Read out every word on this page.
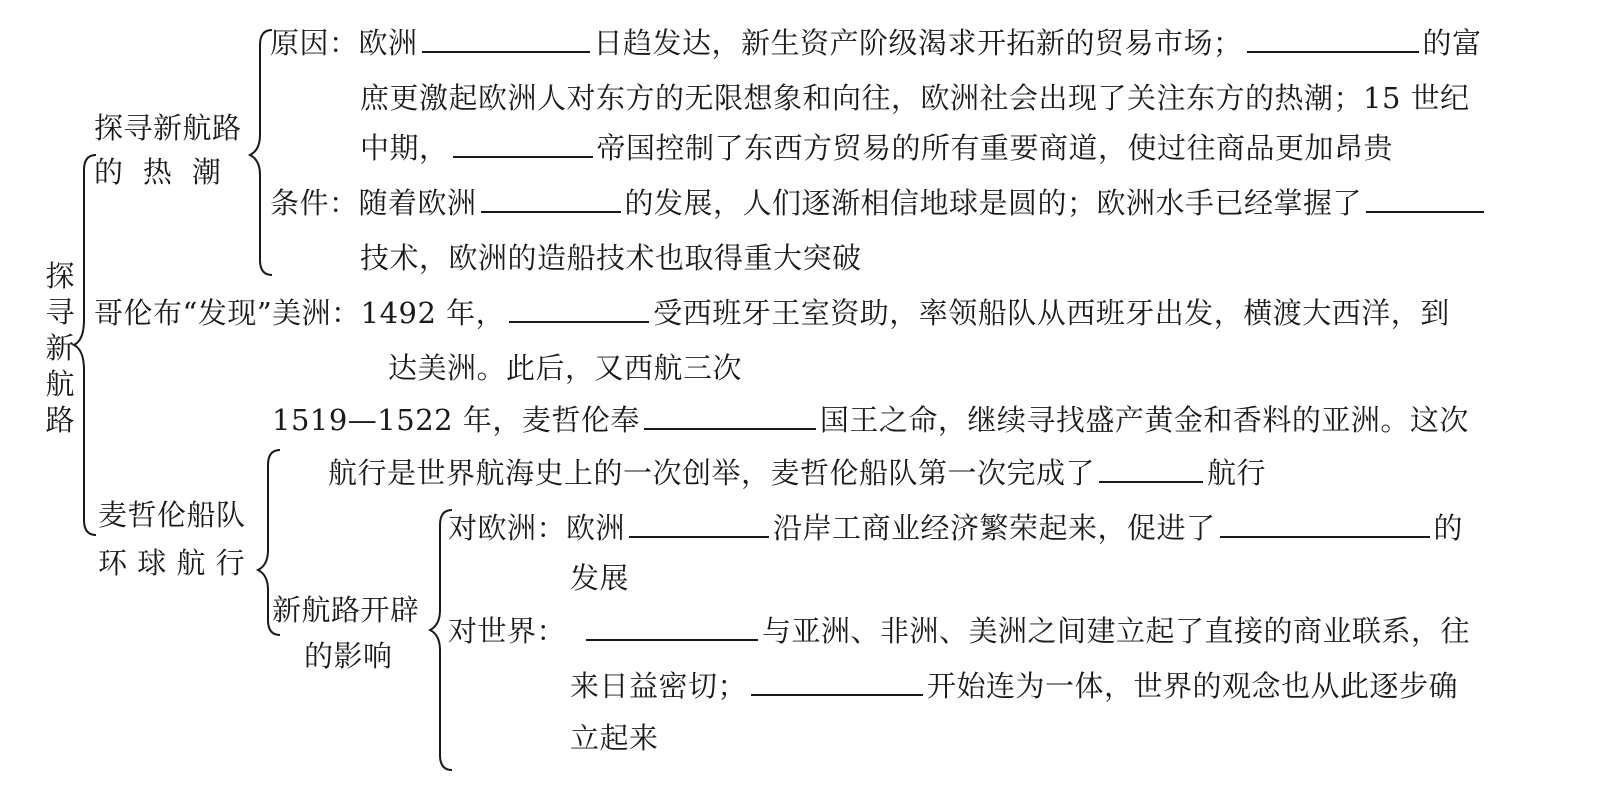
探寻新航路
探寻新航路
的  热  潮
原因：欧洲	日趋发达，新生资产阶级渴求开拓新的贸易市场；	的富
庶更激起欧洲人对东方的无限想象和向往，欧洲社会出现了关注东方的热潮；15 世纪
中期，	帝国控制了东西方贸易的所有重要商道，使过往商品更加昂贵
条件：随着欧洲	的发展，人们逐渐相信地球是圆的；欧洲水手已经掌握了
技术，欧洲的造船技术也取得重大突破
哥伦布“发现”美洲：1492 年，	受西班牙王室资助，率领船队从西班牙出发，横渡大西洋，到
达美洲。此后，又西航三次
1519—1522 年，麦哲伦奉	国王之命，继续寻找盛产黄金和香料的亚洲。这次
航行是世界航海史上的一次创举，麦哲伦船队第一次完成了	航行
麦哲伦船队
环 球 航 行
新航路开辟
的影响
对欧洲：欧洲	沿岸工商业经济繁荣起来，促进了	的
发展
对世界：	与亚洲、非洲、美洲之间建立起了直接的商业联系，往
来日益密切；	开始连为一体，世界的观念也从此逐步确
立起来
